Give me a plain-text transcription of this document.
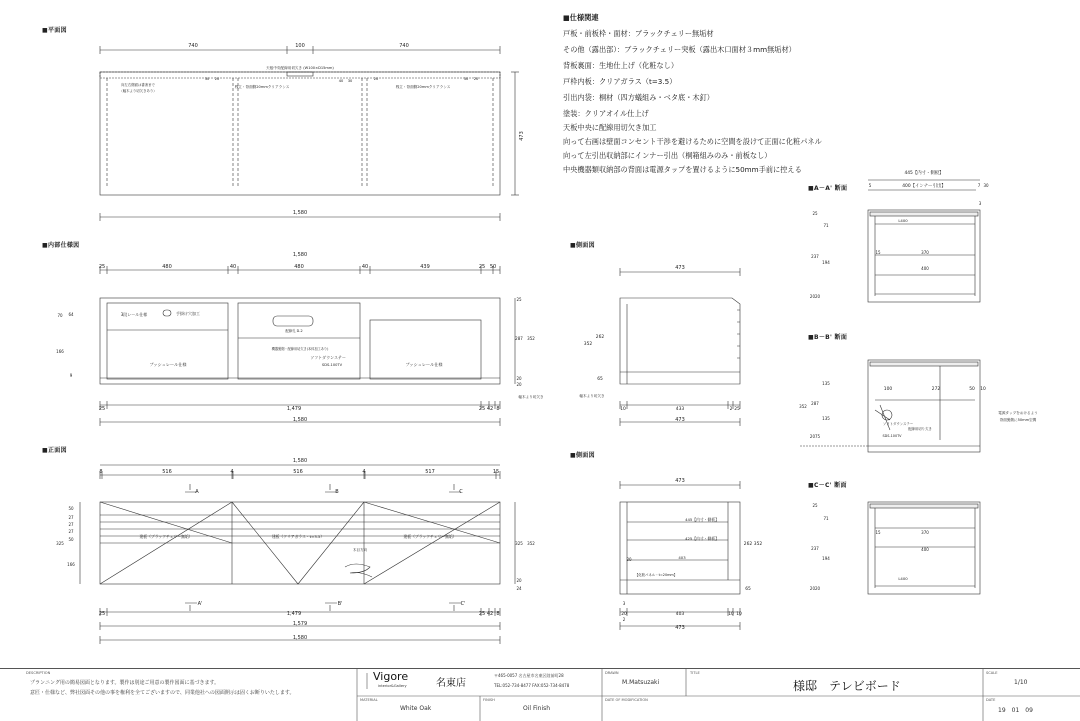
■平面図
■内部仕様図
■正面図
■側面図
■側面図
■A－A' 断面
■B－B' 断面
■C－C' 断面
■仕様関連
戸板・前板枠・面材：ブラックチェリー無垢材
その他（露出部）：ブラックチェリー突板（露出木口面材３mm無垢材）
背板裏面：生地仕上げ（化粧なし）
戸枠内板：クリアガラス（t=3.5）
引出内袋：桐材（四方蟻組み・ベタ底・木釘）
塗装：クリアオイル仕上げ
天板中央に配線用切欠き加工
向って右画は壁面コンセント干渉を避けるために空間を設けて正面に化粧パネル
向って左引出収納部にインナー引出（桐箱組みのみ・前板なし）
中央機器類収納部の背面は電源タップを置けるように50mm手前に控える
740	100	740
1,580
473
天板中央配線用切欠き (W100×D15mm)
桟立・背面側20mmクリアランス	桟立・背面側20mmクリアランス
向左右側面は書斎まで
（幅木より切欠きあり）
30 20	40 30	20	30 20
1,580
25	480	40	480	40	439	25 50
3段レール仕様	手掛け穴加工
プッシュレール仕様	プッシュレール仕様
配線孔 D-2
機器裏側・配線用切欠き(本体加工あり)
ソフトダウンステー
SDS-100TV
幅木より切欠き
25	1,479	25 42 8
1,580
70 64
166
9
25
287 352
20
20
473
10	433	2 25
473
352
262
65
幅木より切欠き
1,580
8	516	4	516	4	517	15
建板（ブラックチェリー無垢）	建板（クリアガラス・t=3.5）	建板（ブラックチェリー無垢）
木目方向
A	B	C
A'	B'	C'
25	1,479	25 42 8
1,579
1,580
50
27
27
27
50
325
166
325 352
20
24
473
445【内寸・側板】
425【内寸・側板】
403
【化粧パネル・t=20mm】
20	403	10 10
473
262 352
65
20
3
2
445【内寸・側板】
400【インナー引出】
5	7 30
3
L400
15	370
400
25
71
237
194
2020
100	272	50 10
352
287
135
135
2075
電源タップをおけるよう
背面裏側に50mm空間
ソフトダウンステー
SDS-100TV
配線用切り欠き
L400
15	370
400
25
71
237
194
2020
DESCRIPTION
プランニング用の簡易図面となります。製作は別途ご用意の製作図面に基づきます。
意匠・仕様など、弊社図面その他の事を権利を全てございますので、同業他社への図面開示は固くお断りいたします。
Vigore
interior&Gallery	名東店
〒465-0057 名古屋市名東区陸前町28
TEL:052-734-8477 FAX:052-734-8478
DRAWN
M.Matsuzaki
TITLE
様邸　テレビボード
SCALE
1/10
MATERIAL
White Oak
FINISH
Oil Finish
DATE OF MODIFICATION	DATE
19　01　09
